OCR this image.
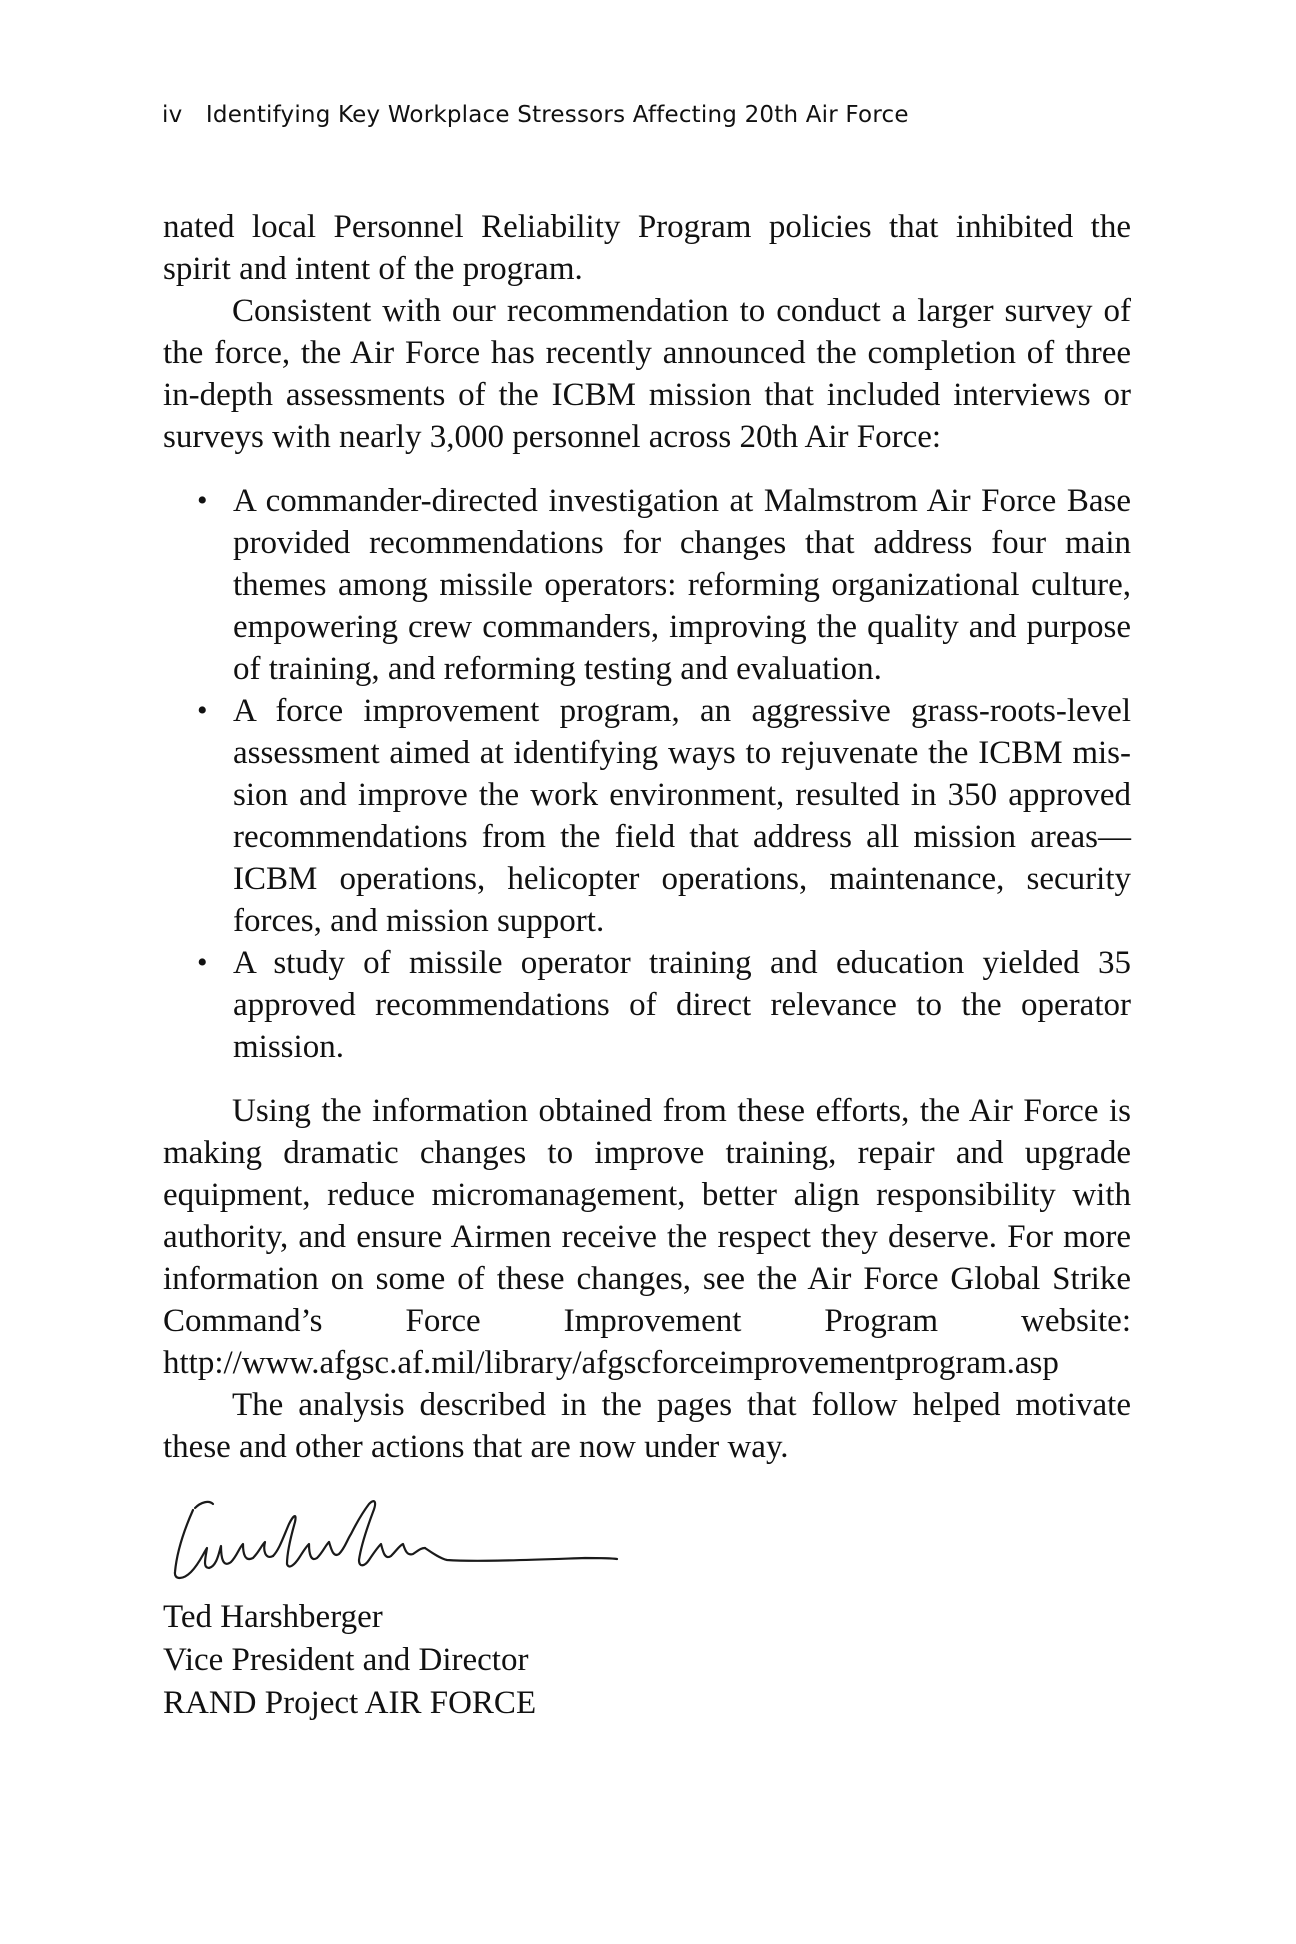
iv Identifying Key Workplace Stressors Affecting 20th Air Force

nated local Personnel Reliability Program policies that inhibited the spirit and intent of the program.

Consistent with our recommendation to conduct a larger survey of the force, the Air Force has recently announced the completion of three in-depth assessments of the ICBM mission that included interviews or surveys with nearly 3,000 personnel across 20th Air Force:

• A commander-directed investigation at Malmstrom Air Force Base provided recommendations for changes that address four main themes among missile operators: reforming organizational culture, empowering crew commanders, improving the quality and purpose of training, and reforming testing and evaluation.
• A force improvement program, an aggressive grass-roots-level assessment aimed at identifying ways to rejuvenate the ICBM mission and improve the work environment, resulted in 350 approved recommendations from the field that address all mission areas— ICBM operations, helicopter operations, maintenance, security forces, and mission support.
• A study of missile operator training and education yielded 35 approved recommendations of direct relevance to the operator mission.

Using the information obtained from these efforts, the Air Force is making dramatic changes to improve training, repair and upgrade equipment, reduce micromanagement, better align responsibility with authority, and ensure Airmen receive the respect they deserve. For more information on some of these changes, see the Air Force Global Strike Command’s Force Improvement Program website: http://www.afgsc.af.mil/library/afgscforceimprovementprogram.asp

The analysis described in the pages that follow helped motivate these and other actions that are now under way.

Ted Harshberger
Vice President and Director
RAND Project AIR FORCE
